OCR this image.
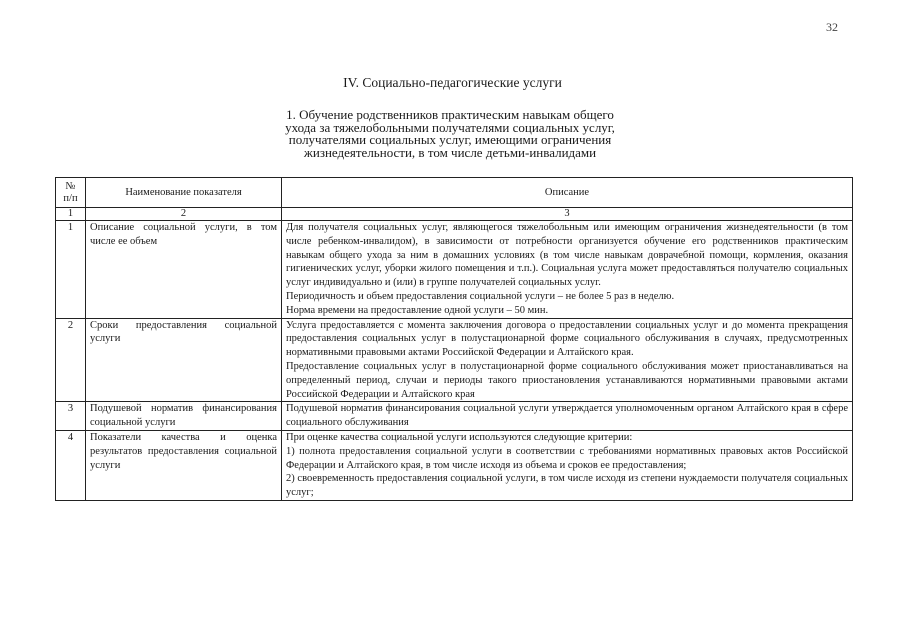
32
IV. Социально-педагогические услуги
1. Обучение родственников практическим навыкам общего
ухода за тяжелобольными получателями социальных услуг,
получателями социальных услуг, имеющими ограничения
жизнедеятельности, в том числе детьми-инвалидами
№ п/п	Наименование показателя	Описание
1	2	3
1	Описание социальной услуги, в том числе ее объем	Для получателя социальных услуг, являющегося тяжелобольным или имеющим ограничения жизнедеятельности (в том числе ребенком-инвалидом), в зависимости от потребности организуется обучение его родственников практическим навыкам общего ухода за ним в домашних условиях (в том числе навыкам доврачебной помощи, кормления, оказания гигиенических услуг, уборки жилого помещения и т.п.). Социальная услуга может предоставляться получателю социальных услуг индивидуально и (или) в группе получателей социальных услуг.

Периодичность и объем предоставления социальной услуги – не более 5 раз в неделю.

Норма времени на предоставление одной услуги – 50 мин.

2	Сроки предоставления социальной услуги	Услуга предоставляется с момента заключения договора о предоставлении социальных услуг и до момента прекращения предоставления социальных услуг в полустационарной форме социального обслуживания в случаях, предусмотренных нормативными правовыми актами Российской Федерации и Алтайского края.

Предоставление социальных услуг в полустационарной форме социального обслуживания может приостанавливаться на определенный период, случаи и периоды такого приостановления устанавливаются нормативными правовыми актами Российской Федерации и Алтайского края

3	Подушевой норматив финансирования социальной услуги	Подушевой норматив финансирования социальной услуги утверждается уполномоченным органом Алтайского края в сфере социального обслуживания

4	Показатели качества и оценка результатов предоставления социальной услуги	При оценке качества социальной услуги используются следующие критерии:

1) полнота предоставления социальной услуги в соответствии с требованиями нормативных правовых актов Российской Федерации и Алтайского края, в том числе исходя из объема и сроков ее предоставления;

2) своевременность предоставления социальной услуги, в том числе исходя из степени нуждаемости получателя социальных услуг;
